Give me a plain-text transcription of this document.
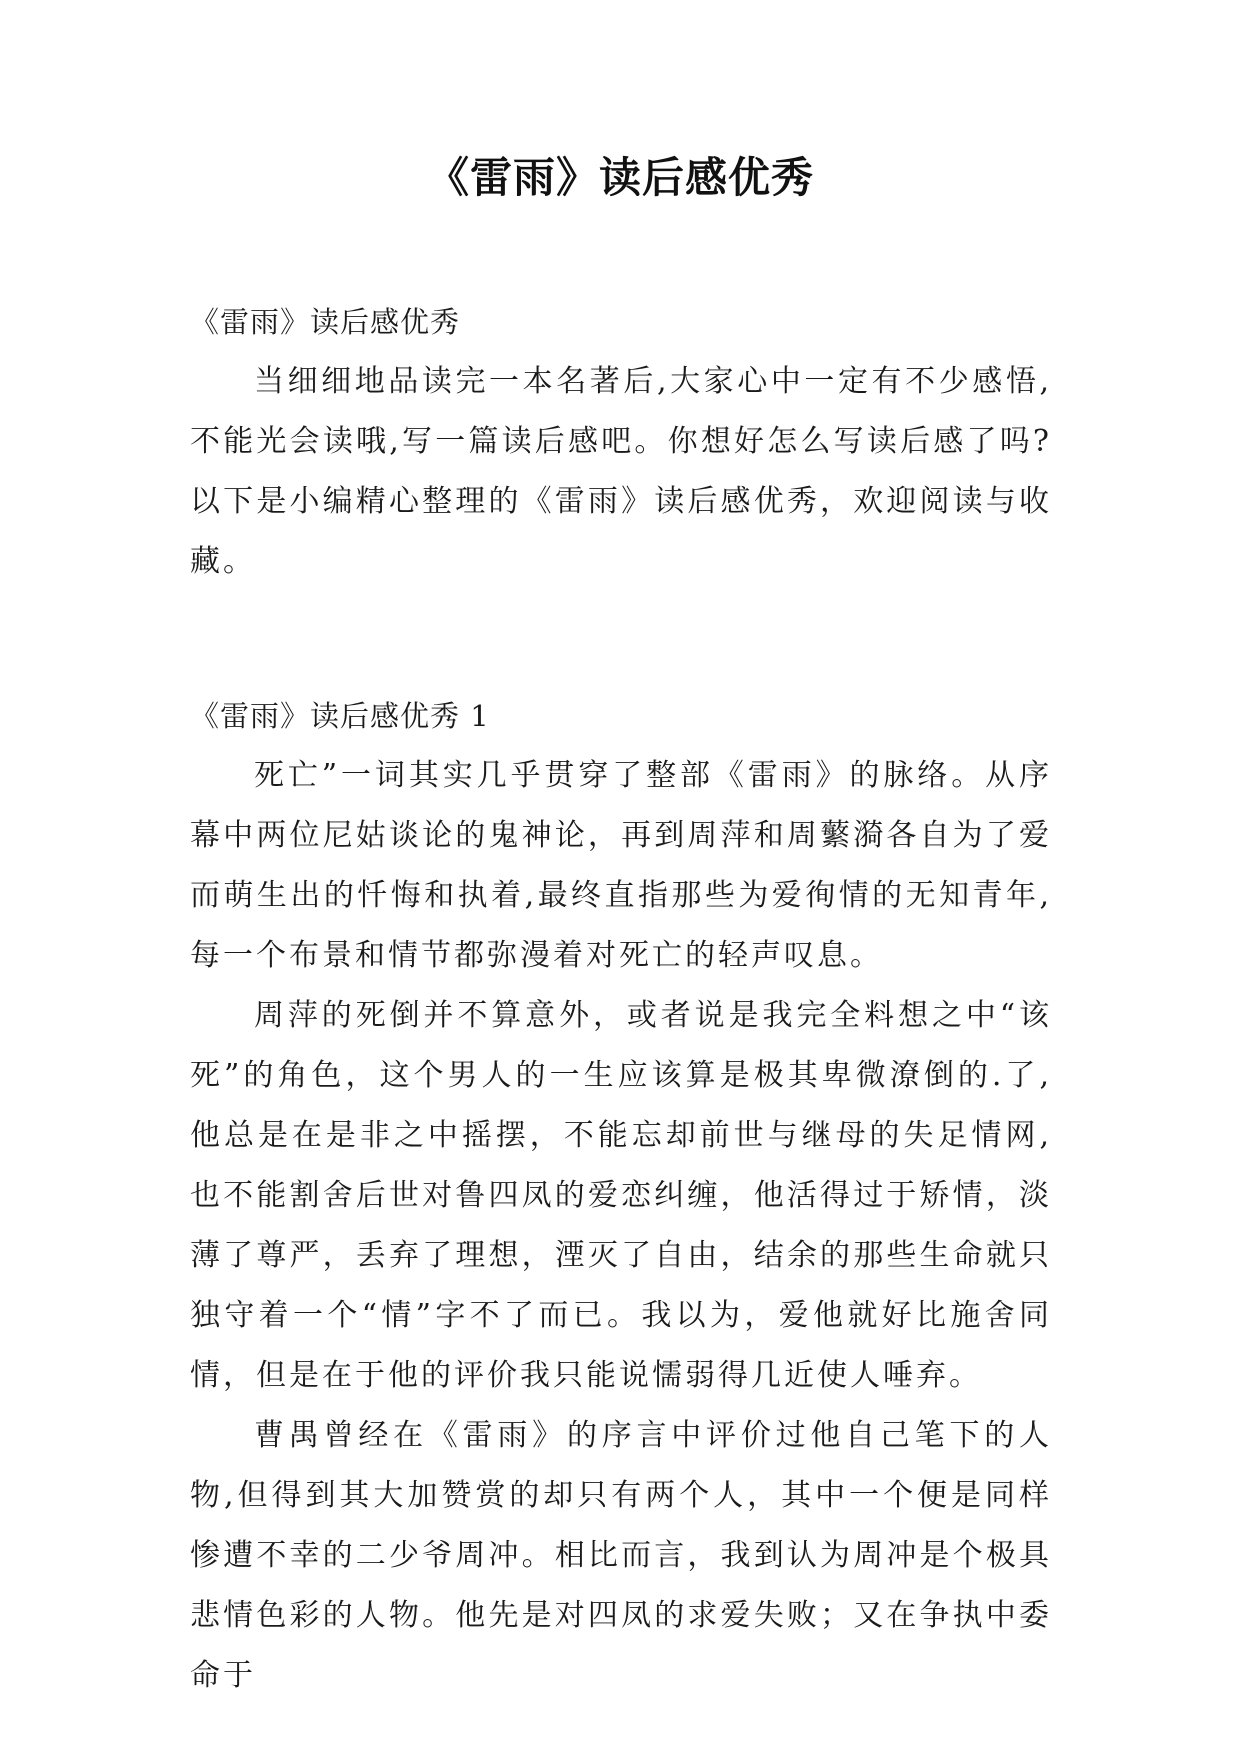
《雷雨》读后感优秀

《雷雨》读后感优秀

当细细地品读完一本名著后,大家心中一定有不少感悟,不能光会读哦,写一篇读后感吧。你想好怎么写读后感了吗?以下是小编精心整理的《雷雨》读后感优秀，欢迎阅读与收藏。

《雷雨》读后感优秀 1

死亡”一词其实几乎贯穿了整部《雷雨》的脉络。从序幕中两位尼姑谈论的鬼神论，再到周萍和周蘩漪各自为了爱而萌生出的忏悔和执着,最终直指那些为爱徇情的无知青年,每一个布景和情节都弥漫着对死亡的轻声叹息。

周萍的死倒并不算意外，或者说是我完全料想之中“该死”的角色，这个男人的一生应该算是极其卑微潦倒的.了,他总是在是非之中摇摆，不能忘却前世与继母的失足情网,也不能割舍后世对鲁四凤的爱恋纠缠，他活得过于矫情，淡薄了尊严，丢弃了理想，湮灭了自由，结余的那些生命就只独守着一个“情”字不了而已。我以为，爱他就好比施舍同情，但是在于他的评价我只能说懦弱得几近使人唾弃。

曹禺曾经在《雷雨》的序言中评价过他自己笔下的人物,但得到其大加赞赏的却只有两个人，其中一个便是同样惨遭不幸的二少爷周冲。相比而言，我到认为周冲是个极具悲情色彩的人物。他先是对四凤的求爱失败；又在争执中委命于
